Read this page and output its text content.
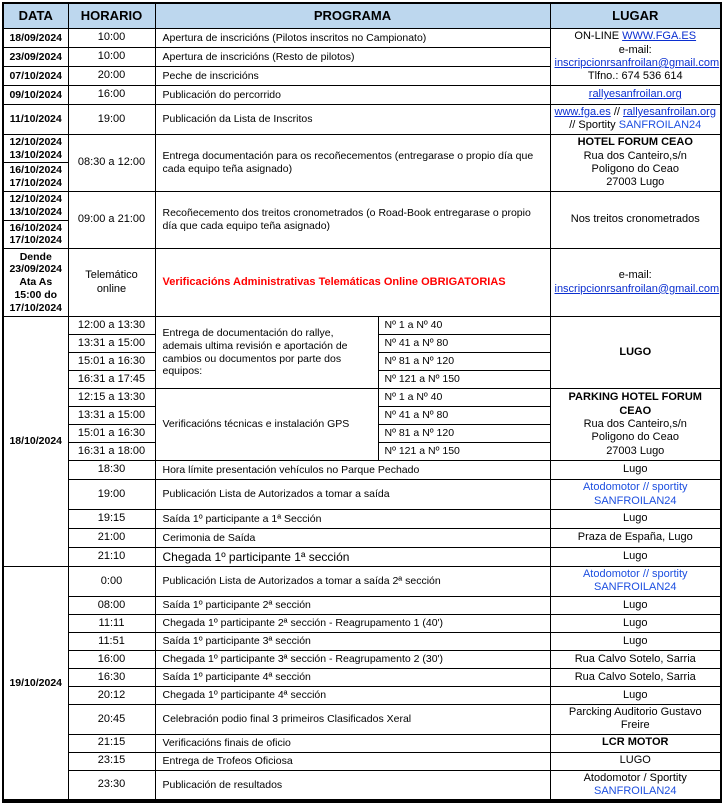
DATA	HORARIO	PROGRAMA		LUGAR
18/09/2024	10:00	Apertura de inscricións (Pilotos inscritos no Campionato)		ON-LINE WWW.FGA.ES
e-mail:
inscripcionrsanfroilan@gmail.com
Tlfno.: 674 536 614

23/09/2024	10:00	Apertura de inscricións (Resto de pilotos)		
07/10/2024	20:00	Peche de inscricións		
09/10/2024	16:00	Publicación do percorrido		rallyesanfroilan.org
11/10/2024	19:00	Publicación da Lista de Inscritos		www.fga.es // rallyesanfroilan.org
// Sportity SANFROILAN24

12/10/2024
13/10/2024
16/10/2024
17/10/2024
	08:30 a 12:00	Entrega documentación para os recoñecementos (entregarase o propio día que cada equipo teña asignado)	
HOTEL FORUM CEAO
Rua dos Canteiro,s/n
Poligono do Ceao
27003 Lugo

12/10/2024
13/10/2024
16/10/2024
17/10/2024	09:00 a 21:00	Recoñecemento dos treitos cronometrados (o Road-Book entregarase o propio día que cada equipo teña asignado)		Nos treitos cronometrados

Dende
23/09/2024
Ata As
15:00 do
17/10/2024
	Telemático online	Verificacións Administrativas Telemáticas Online OBRIGATORIAS	
e-mail:
inscripcionrsanfroilan@gmail.com

18/10/2024	12:00 a 13:30	Entrega de documentación do rallye, ademais ultima revisión e aportación de cambios ou documentos por parte dos equipos:	Nº 1 a Nº 40	LUGO
	13:31 a 15:00		Nº 41 a Nº 80	
	15:01 a 16:30		Nº 81 a Nº 120	
	16:31 a 17:45		Nº 121 a Nº 150	
	12:15 a 13:30	Verificacións técnicas e instalación GPS	Nº 1 a Nº 40	PARKING HOTEL FORUM CEAO
Rua dos Canteiro,s/n
Poligono do Ceao
27003 Lugo

	13:31 a 15:00		Nº 41 a Nº 80	
	15:01 a 16:30		Nº 81 a Nº 120	
	16:31 a 18:00		Nº 121 a Nº 150	
	18:30	Hora límite presentación vehículos no Parque Pechado		Lugo
	19:00	Publicación Lista de Autorizados a tomar a saída		Atodomotor // sportity
SANFROILAN24

	19:15	Saída 1º participante a 1ª Sección		Lugo
	21:00	Cerimonia de Saída		Praza de España, Lugo
	21:10	Chegada 1º participante 1ª sección		Lugo
19/10/2024	0:00	Publicación Lista de Autorizados a tomar a saída 2ª sección		Atodomotor // sportity
SANFROILAN24

	08:00	Saída 1º participante 2ª sección		Lugo
	11:11	Chegada 1º participante 2ª sección - Reagrupamento 1 (40')		Lugo
	11:51	Saída 1º participante 3ª sección		Lugo
	16:00	Chegada 1º participante 3ª sección - Reagrupamento 2 (30')		Rua Calvo Sotelo, Sarria
	16:30	Saída 1º participante 4ª sección		Rua Calvo Sotelo, Sarria
	20:12	Chegada 1º participante 4ª sección		Lugo
	20:45	Celebración podio final 3 primeiros Clasificados Xeral		Parcking Auditorio Gustavo Freire
	21:15	Verificacións finais de oficio		LCR MOTOR
	23:15	Entrega de Trofeos Oficiosa		LUGO
	23:30	Publicación de resultados		Atodomotor / Sportity
SANFROILAN24
